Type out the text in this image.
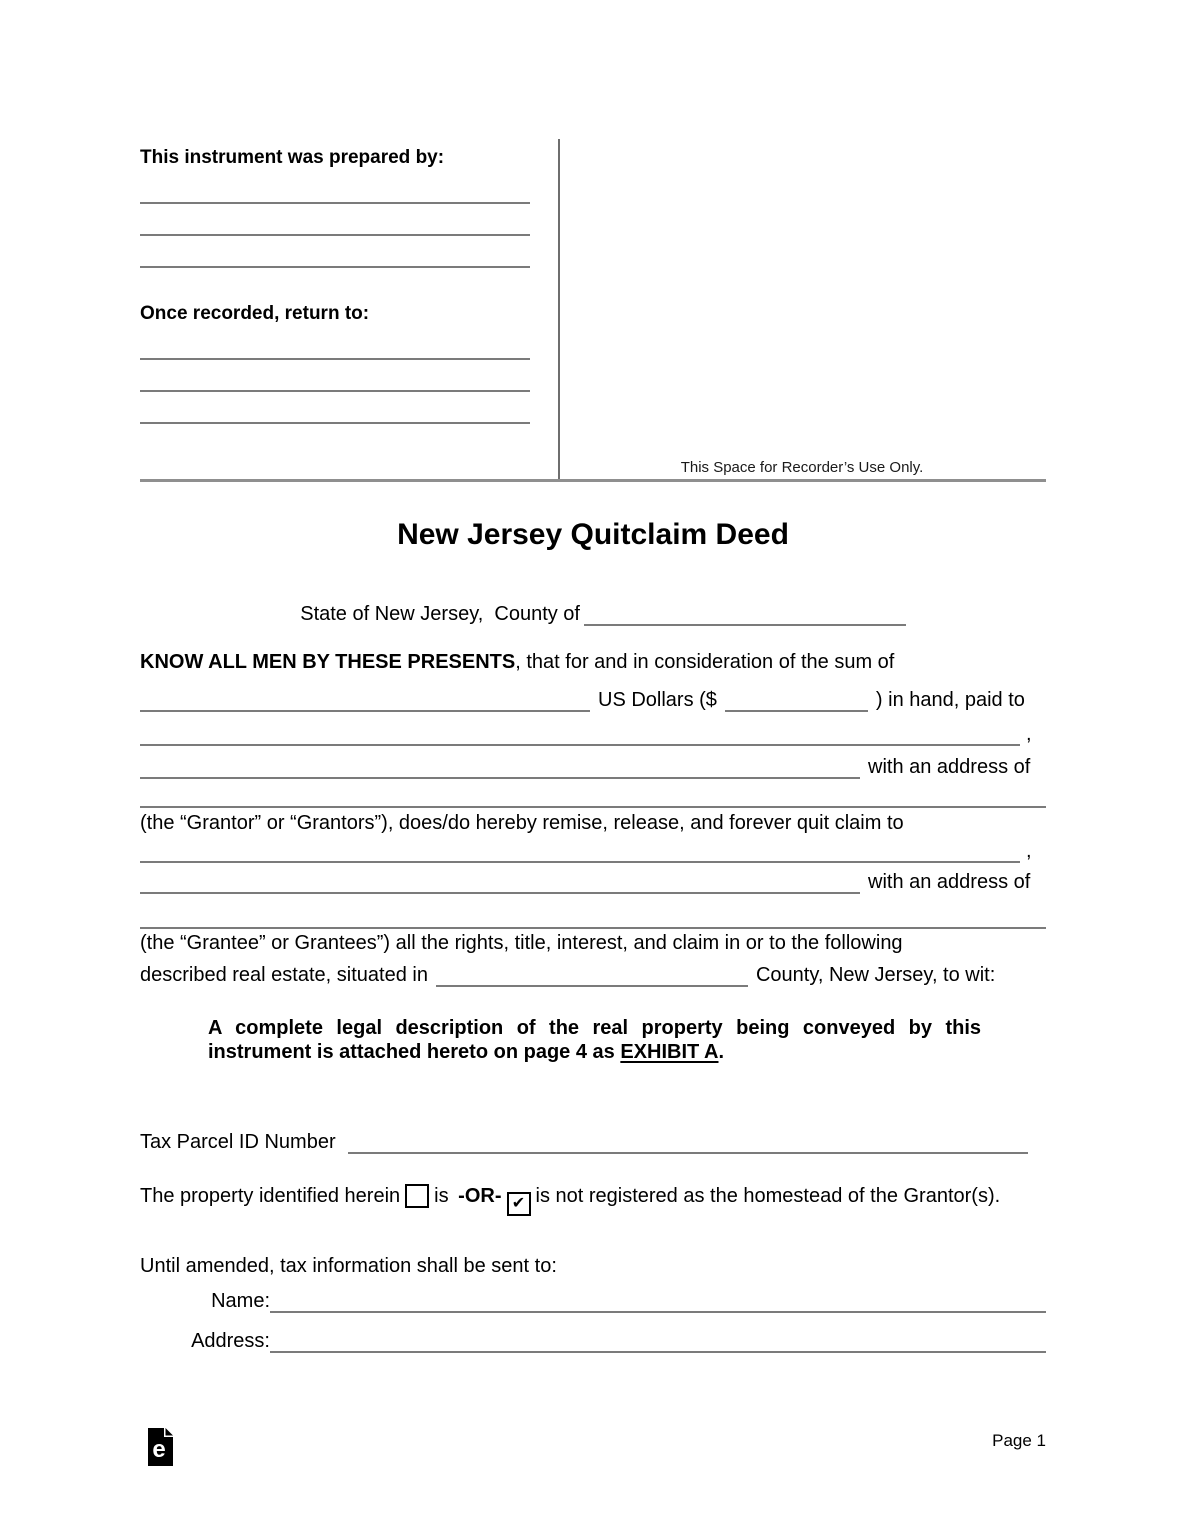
This instrument was prepared by:
Once recorded, return to:
This Space for Recorder’s Use Only.
New Jersey Quitclaim Deed

State of New Jersey,  County of

KNOW ALL MEN BY THESE PRESENTS, that for and in consideration of the sum of
US Dollars ($	) in hand, paid to
,
with an address of
(the “Grantor” or “Grantors”), does/do hereby remise, release, and forever quit claim to
,
with an address of
(the “Grantee” or Grantees”) all the rights, title, interest, and claim in or to the following
described real estate, situated in	County, New Jersey, to wit:
A complete legal description of the real property being conveyed by this
instrument is attached hereto on page 4 as EXHIBIT A.
Tax Parcel ID Number
The property identified herein is -OR- ✔ is not registered as the homestead of the Grantor(s).
Until amended, tax information shall be sent to:
Name:
Address:
e	Page 1
